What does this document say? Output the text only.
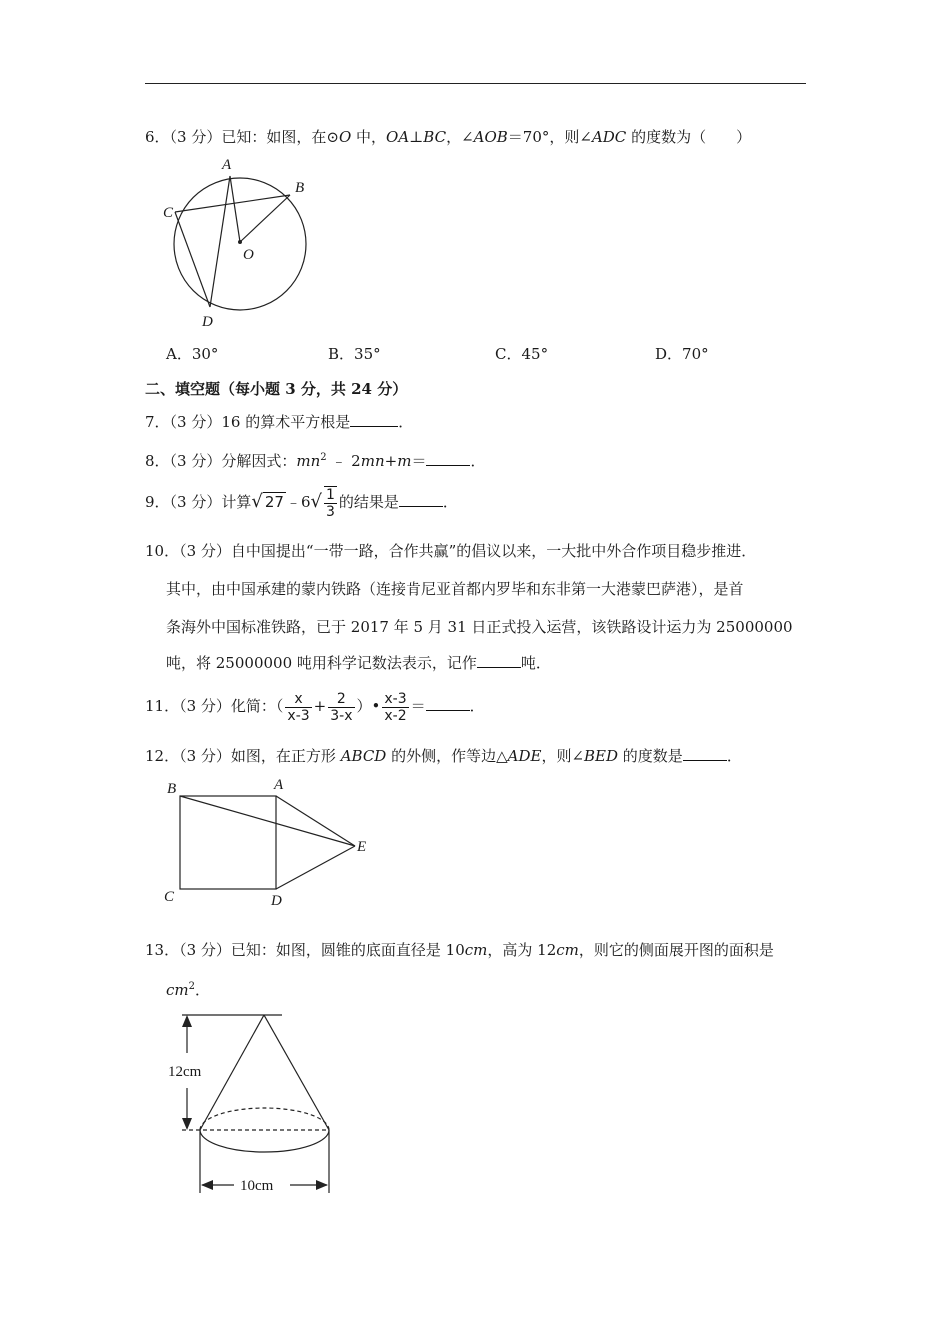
6．（3 分）已知：如图，在⊙O 中，OA⊥BC，∠AOB＝70°，则∠ADC 的度数为（　　）
A
B
C
O
D
A．30°	B．35°	C．45°	D．70°
二、填空题（每小题 3 分，共 24 分）
7．（3 分）16 的算术平方根是	．
8．（3 分）分解因式：$mn^2$ ﹣ 2mn+m＝	．
9．（3 分）计算√ 27 ﹣6√ $\frac{1}{3}$ 的结果是	．
10．（3 分）自中国提出“一带一路，合作共赢”的倡议以来，一大批中外合作项目稳步推进．
其中，由中国承建的蒙内铁路（连接肯尼亚首都内罗毕和东非第一大港蒙巴萨港），是首
条海外中国标准铁路，已于 2017 年 5 月 31 日正式投入运营，该铁路设计运力为 25000000
吨，将 25000000 吨用科学记数法表示，记作	吨．
11．（3 分）化简：（ $\frac{x}{x-3} + \frac{2}{3-x}$ ）• $\frac{x-3}{x-2}$ ＝	．
12．（3 分）如图，在正方形 ABCD 的外侧，作等边△ADE，则∠BED 的度数是	．
B	A
E
C	D
13．（3 分）已知：如图，圆锥的底面直径是 10cm，高为 12cm，则它的侧面展开图的面积是
$cm^2$．
12cm
10cm
